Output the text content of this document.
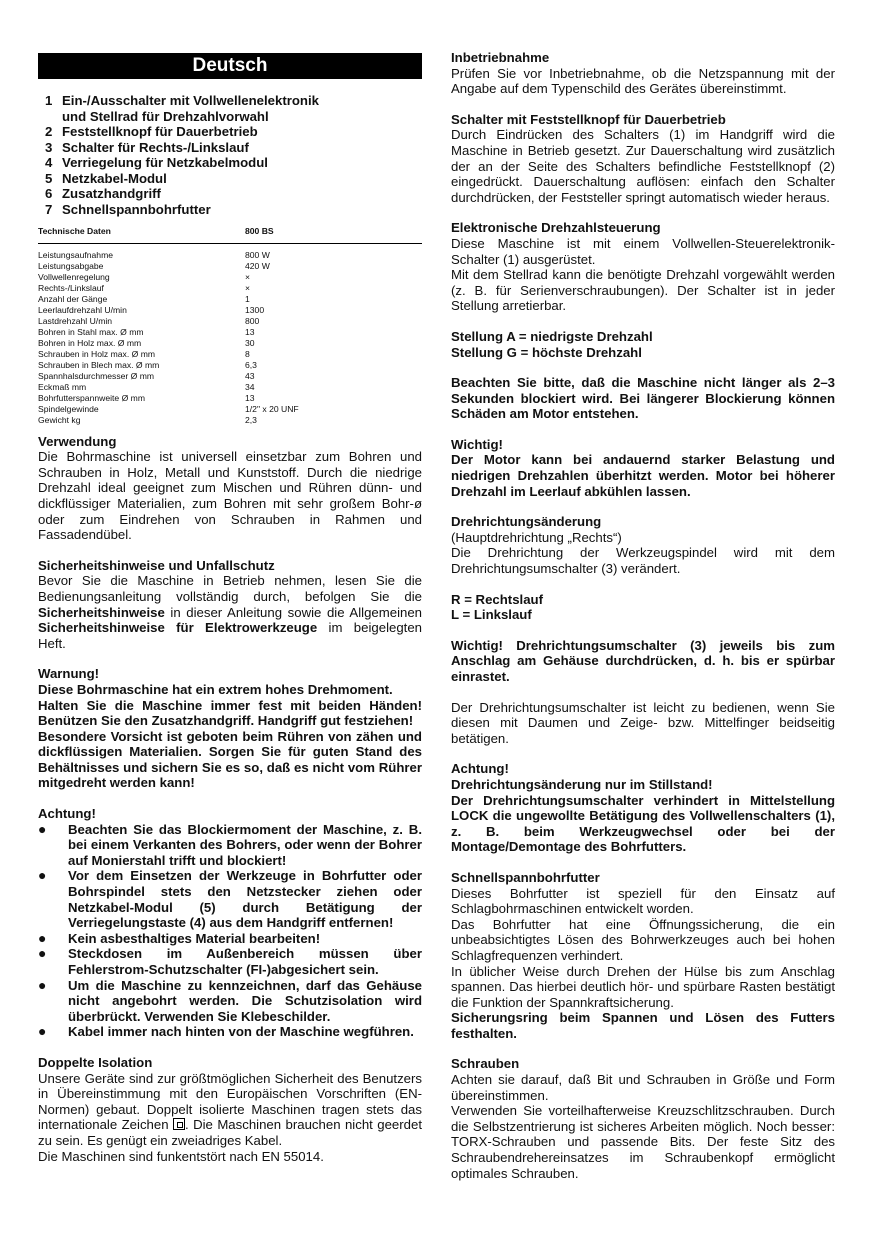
Deutsch
1 Ein-/Ausschalter mit Vollwellenelektronik
und Stellrad für Drehzahlvorwahl
2 Feststellknopf für Dauerbetrieb
3 Schalter für Rechts-/Linkslauf
4 Verriegelung für Netzkabelmodul
5 Netzkabel-Modul
6 Zusatzhandgriff
7 Schnellspannbohrfutter
Technische Daten	800 BS
Leistungsaufnahme	800 W
Leistungsabgabe	420 W
Vollwellenregelung	×
Rechts-/Linkslauf	×
Anzahl der Gänge	1
Leerlaufdrehzahl U/min	1300
Lastdrehzahl U/min	800
Bohren in Stahl max. Ø mm	13
Bohren in Holz max. Ø mm	30
Schrauben in Holz max. Ø mm	8
Schrauben in Blech max. Ø mm	6,3
Spannhalsdurchmesser Ø mm	43
Eckmaß mm	34
Bohrfutterspannweite Ø mm	13
Spindelgewinde	1/2" x 20 UNF
Gewicht kg	2,3
Verwendung

Die Bohrmaschine ist universell einsetzbar zum Bohren und Schrauben in Holz, Metall und Kunststoff. Durch die niedrige Drehzahl ideal geeignet zum Mischen und Rühren dünn- und dickflüssiger Materialien, zum Bohren mit sehr großem Bohr-ø oder zum Eindrehen von Schrauben in Rahmen und Fassadendübel.

Sicherheitshinweise und Unfallschutz

Bevor Sie die Maschine in Betrieb nehmen, lesen Sie die Bedienungsanleitung vollständig durch, befolgen Sie die Sicherheitshinweise in dieser Anleitung sowie die Allgemeinen Sicherheitshinweise für Elektrowerkzeuge im beigelegten Heft.

Warnung!

Diese Bohrmaschine hat ein extrem hohes Drehmoment.

Halten Sie die Maschine immer fest mit beiden Händen! Benützen Sie den Zusatzhandgriff. Handgriff gut festziehen!

Besondere Vorsicht ist geboten beim Rühren von zähen und dickflüssigen Materialien. Sorgen Sie für guten Stand des Behältnisses und sichern Sie es so, daß es nicht vom Rührer mitgedreht werden kann!

Achtung!
●	Beachten Sie das Blockiermoment der Maschine, z. B. bei einem Verkanten des Bohrers, oder wenn der Bohrer auf Monierstahl trifft und blockiert!
●	Vor dem Einsetzen der Werkzeuge in Bohrfutter oder Bohrspindel stets den Netzstecker ziehen oder Netzkabel-Modul (5) durch Betätigung der Verriegelungstaste (4) aus dem Handgriff entfernen!
●	Kein asbesthaltiges Material bearbeiten!
●	Steckdosen im Außenbereich müssen über Fehlerstrom-Schutzschalter (FI-)abgesichert sein.
●	Um die Maschine zu kennzeichnen, darf das Gehäuse nicht angebohrt werden. Die Schutzisolation wird überbrückt. Verwenden Sie Klebeschilder.
●	Kabel immer nach hinten von der Maschine wegführen.
Doppelte Isolation

Unsere Geräte sind zur größtmöglichen Sicherheit des Benutzers in Übereinstimmung mit den Europäischen Vorschriften (EN-Normen) gebaut. Doppelt isolierte Maschinen tragen stets das internationale Zeichen . Die Maschinen brauchen nicht geerdet zu sein. Es genügt ein zweiadriges Kabel.

Die Maschinen sind funkentstört nach EN 55014.

Inbetriebnahme

Prüfen Sie vor Inbetriebnahme, ob die Netzspannung mit der Angabe auf dem Typenschild des Gerätes übereinstimmt.

Schalter mit Feststellknopf für Dauerbetrieb

Durch Eindrücken des Schalters (1) im Handgriff wird die Maschine in Betrieb gesetzt. Zur Dauerschaltung wird zusätzlich der an der Seite des Schalters befindliche Feststellknopf (2) eingedrückt. Dauerschaltung auflösen: einfach den Schalter durchdrücken, der Feststeller springt automatisch wieder heraus.

Elektronische Drehzahlsteuerung

Diese Maschine ist mit einem Vollwellen-Steuerelektronik-Schalter (1) ausgerüstet.

Mit dem Stellrad kann die benötigte Drehzahl vorgewählt werden (z. B. für Serienverschraubungen). Der Schalter ist in jeder Stellung arretierbar.

Stellung A = niedrigste Drehzahl

Stellung G = höchste Drehzahl

Beachten Sie bitte, daß die Maschine nicht länger als 2–3 Sekunden blockiert wird. Bei längerer Blockierung können Schäden am Motor entstehen.

Wichtig!

Der Motor kann bei andauernd starker Belastung und niedrigen Drehzahlen überhitzt werden. Motor bei höherer Drehzahl im Leerlauf abkühlen lassen.

Drehrichtungsänderung

(Hauptdrehrichtung „Rechts“)

Die Drehrichtung der Werkzeugspindel wird mit dem Drehrichtungsumschalter (3) verändert.

R = Rechtslauf

L = Linkslauf

Wichtig! Drehrichtungsumschalter (3) jeweils bis zum Anschlag am Gehäuse durchdrücken, d. h. bis er spürbar einrastet.

Der Drehrichtungsumschalter ist leicht zu bedienen, wenn Sie diesen mit Daumen und Zeige- bzw. Mittelfinger beidseitig betätigen.

Achtung!

Drehrichtungsänderung nur im Stillstand!

Der Drehrichtungsumschalter verhindert in Mittelstellung LOCK die ungewollte Betätigung des Vollwellenschalters (1), z. B. beim Werkzeugwechsel oder bei der Montage/Demontage des Bohrfutters.

Schnellspannbohrfutter

Dieses Bohrfutter ist speziell für den Einsatz auf Schlagbohrmaschinen entwickelt worden.

Das Bohrfutter hat eine Öffnungssicherung, die ein unbeabsichtigtes Lösen des Bohrwerkzeuges auch bei hohen Schlagfrequenzen verhindert.

In üblicher Weise durch Drehen der Hülse bis zum Anschlag spannen. Das hierbei deutlich hör- und spürbare Rasten bestätigt die Funktion der Spannkraftsicherung.

Sicherungsring beim Spannen und Lösen des Futters festhalten.

Schrauben

Achten sie darauf, daß Bit und Schrauben in Größe und Form übereinstimmen.

Verwenden Sie vorteilhafterweise Kreuzschlitzschrauben. Durch die Selbstzentrierung ist sicheres Arbeiten möglich. Noch besser: TORX-Schrauben und passende Bits. Der feste Sitz des Schraubendrehereinsatzes im Schraubenkopf ermöglicht optimales Schrauben.
